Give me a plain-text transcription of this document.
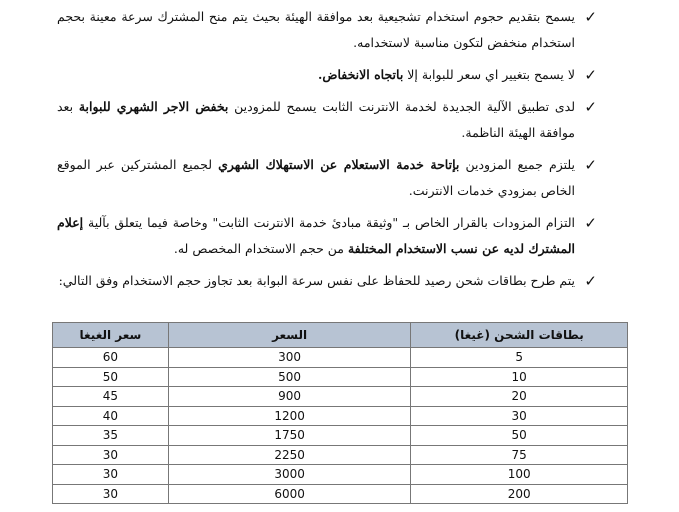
✓

يسمح بتقديم حجوم استخدام تشجيعية بعد موافقة الهيئة بحيث يتم منح المشترك سرعة معينة بحجم استخدام منخفض لتكون مناسبة لاستخدامه.

✓

لا يسمح بتغيير اي سعر للبوابة إلا باتجاه الانخفاض.

✓

لدى تطبيق الآلية الجديدة لخدمة الانترنت الثابت يسمح للمزودين بخفض الاجر الشهري للبوابة بعد موافقة الهيئة الناظمة.

✓

يلتزم جميع المزودين بإتاحة خدمة الاستعلام عن الاستهلاك الشهري لجميع المشتركين عبر الموقع الخاص بمزودي خدمات الانترنت.

✓

التزام المزودات بالقرار الخاص بـ "وثيقة مبادئ خدمة الانترنت الثابت" وخاصة فيما يتعلق بآلية إعلام المشترك لديه عن نسب الاستخدام المختلفة من حجم الاستخدام المخصص له.

✓

يتم طرح بطاقات شحن رصيد للحفاظ على نفس سرعة البوابة بعد تجاوز حجم الاستخدام وفق التالي:

بطاقات الشحن (غيغا)	السعر	سعر الغيغا
5	300	60
10	500	50
20	900	45
30	1200	40
50	1750	35
75	2250	30
100	3000	30
200	6000	30
